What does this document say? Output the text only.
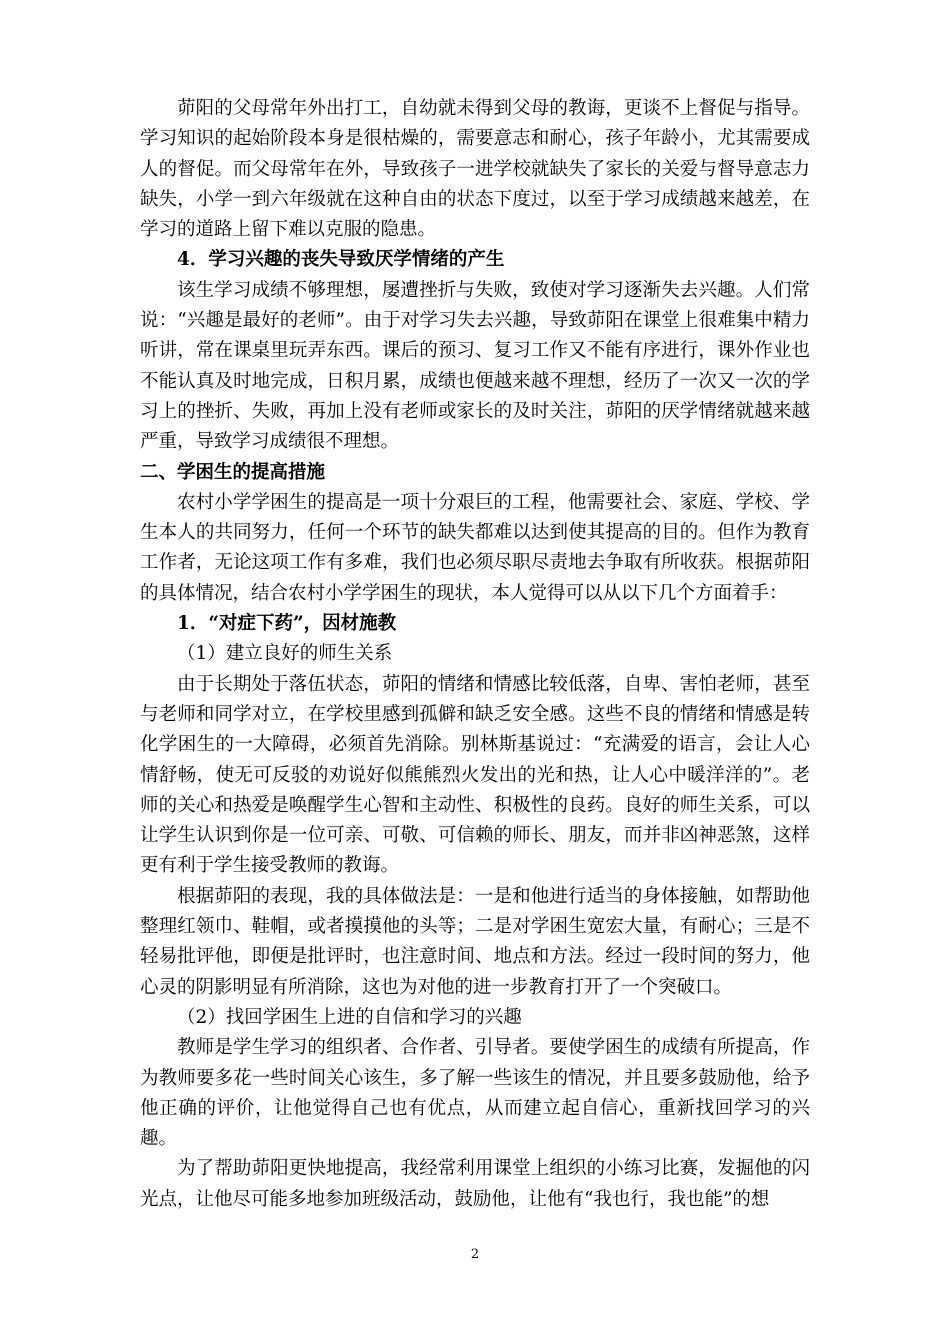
茆阳的父母常年外出打工，自幼就未得到父母的教诲，更谈不上督促与指导。学习知识的起始阶段本身是很枯燥的，需要意志和耐心，孩子年龄小，尤其需要成人的督促。而父母常年在外，导致孩子一进学校就缺失了家长的关爱与督导意志力缺失，小学一到六年级就在这种自由的状态下度过，以至于学习成绩越来越差，在学习的道路上留下难以克服的隐患。

4．学习兴趣的丧失导致厌学情绪的产生

该生学习成绩不够理想，屡遭挫折与失败，致使对学习逐渐失去兴趣。人们常说：“兴趣是最好的老师”。由于对学习失去兴趣，导致茆阳在课堂上很难集中精力听讲，常在课桌里玩弄东西。课后的预习、复习工作又不能有序进行，课外作业也不能认真及时地完成，日积月累，成绩也便越来越不理想，经历了一次又一次的学习上的挫折、失败，再加上没有老师或家长的及时关注，茆阳的厌学情绪就越来越严重，导致学习成绩很不理想。

二、学困生的提高措施

农村小学学困生的提高是一项十分艰巨的工程，他需要社会、家庭、学校、学生本人的共同努力，任何一个环节的缺失都难以达到使其提高的目的。但作为教育工作者，无论这项工作有多难，我们也必须尽职尽责地去争取有所收获。根据茆阳的具体情况，结合农村小学学困生的现状，本人觉得可以从以下几个方面着手：

1．“对症下药”，因材施教

（1）建立良好的师生关系

由于长期处于落伍状态，茆阳的情绪和情感比较低落，自卑、害怕老师，甚至与老师和同学对立，在学校里感到孤僻和缺乏安全感。这些不良的情绪和情感是转化学困生的一大障碍，必须首先消除。别林斯基说过：“充满爱的语言，会让人心情舒畅，使无可反驳的劝说好似熊熊烈火发出的光和热，让人心中暖洋洋的”。老师的关心和热爱是唤醒学生心智和主动性、积极性的良药。良好的师生关系，可以让学生认识到你是一位可亲、可敬、可信赖的师长、朋友，而并非凶神恶煞，这样更有利于学生接受教师的教诲。

根据茆阳的表现，我的具体做法是：一是和他进行适当的身体接触，如帮助他整理红领巾、鞋帽，或者摸摸他的头等；二是对学困生宽宏大量，有耐心；三是不轻易批评他，即便是批评时，也注意时间、地点和方法。经过一段时间的努力，他心灵的阴影明显有所消除，这也为对他的进一步教育打开了一个突破口。

（2）找回学困生上进的自信和学习的兴趣

教师是学生学习的组织者、合作者、引导者。要使学困生的成绩有所提高，作为教师要多花一些时间关心该生，多了解一些该生的情况，并且要多鼓励他，给予他正确的评价，让他觉得自己也有优点，从而建立起自信心，重新找回学习的兴趣。

为了帮助茆阳更快地提高，我经常利用课堂上组织的小练习比赛，发掘他的闪光点，让他尽可能多地参加班级活动，鼓励他，让他有“我也行，我也能”的想

2
